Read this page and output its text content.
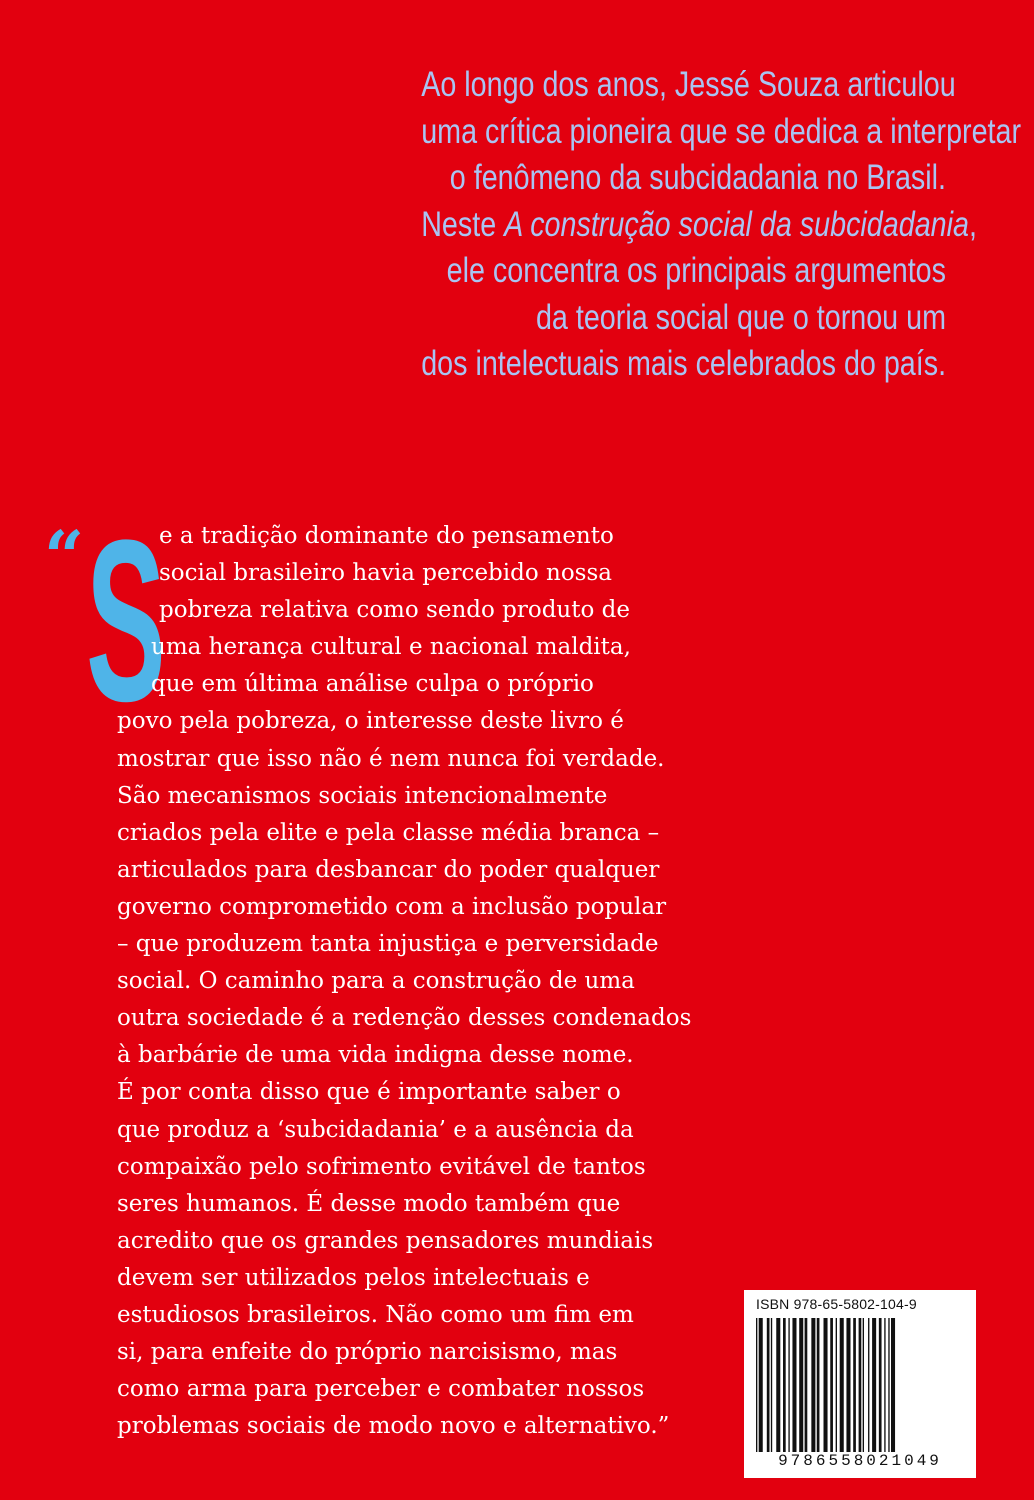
Ao longo dos anos, Jessé Souza articulou
uma crítica pioneira que se dedica a interpretar
o fenômeno da subcidadania no Brasil.
Neste A construção social da subcidadania,
ele concentra os principais argumentos
da teoria social que o tornou um
dos intelectuais mais celebrados do país.
“ S
e a tradição dominante do pensamento
social brasileiro havia percebido nossa
pobreza relativa como sendo produto de
uma herança cultural e nacional maldita,
que em última análise culpa o próprio
povo pela pobreza, o interesse deste livro é
mostrar que isso não é nem nunca foi verdade.
São mecanismos sociais intencionalmente
criados pela elite e pela classe média branca –
articulados para desbancar do poder qualquer
governo comprometido com a inclusão popular
– que produzem tanta injustiça e perversidade
social. O caminho para a construção de uma
outra sociedade é a redenção desses condenados
à barbárie de uma vida indigna desse nome.
É por conta disso que é importante saber o
que produz a ‘subcidadania’ e a ausência da
compaixão pelo sofrimento evitável de tantos
seres humanos. É desse modo também que
acredito que os grandes pensadores mundiais
devem ser utilizados pelos intelectuais e
estudiosos brasileiros. Não como um fim em
si, para enfeite do próprio narcisismo, mas
como arma para perceber e combater nossos
problemas sociais de modo novo e alternativo.”
ISBN 978-65-5802-104-9
9786558021049
